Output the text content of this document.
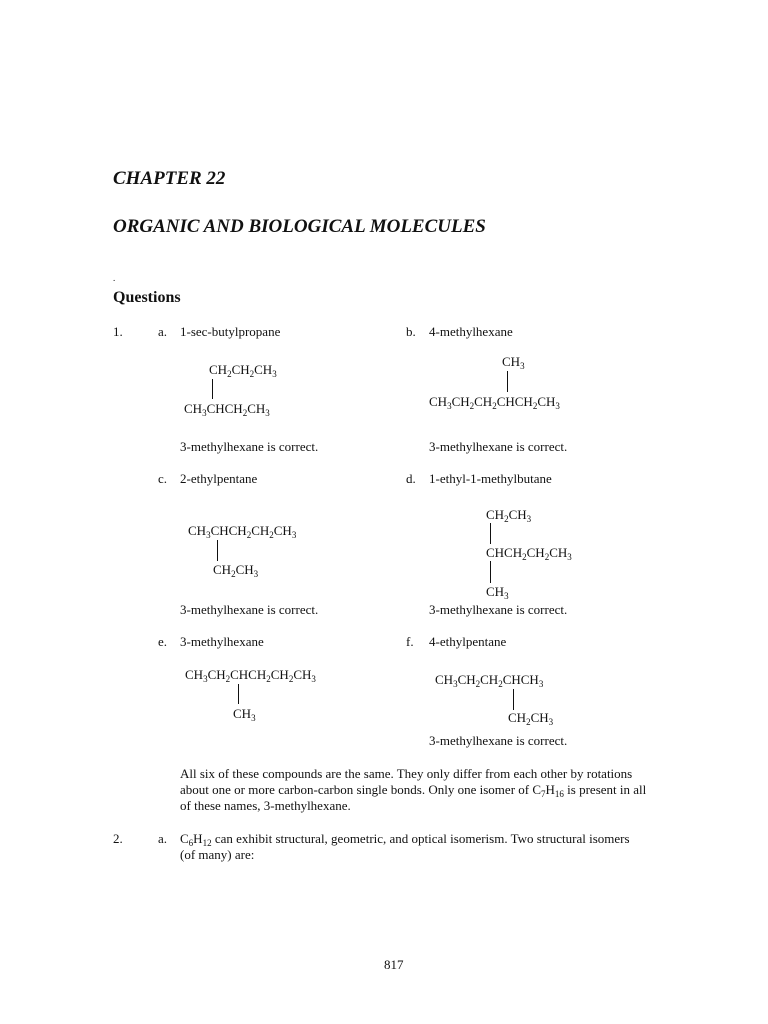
CHAPTER 22
ORGANIC AND BIOLOGICAL MOLECULES
.
Questions
1.	a. 1-sec-butylpropane
$CH_2CH_2CH_3$
$CH_3CHCH_2CH_3$
3-methylhexane is correct.
b. 4-methylhexane
$CH_3$
$CH_3CH_2CH_2CHCH_2CH_3$
3-methylhexane is correct.
c. 2-ethylpentane
$CH_3CHCH_2CH_2CH_3$
$CH_2CH_3$
3-methylhexane is correct.
d. 1-ethyl-1-methylbutane
$CH_2CH_3$
$CHCH_2CH_2CH_3$
$CH_3$
3-methylhexane is correct.
e. 3-methylhexane
$CH_3CH_2CHCH_2CH_2CH_3$
$CH_3$
f. 4-ethylpentane
$CH_3CH_2CH_2CHCH_3$
$CH_2CH_3$
3-methylhexane is correct.
All six of these compounds are the same. They only differ from each other by rotations
about one or more carbon-carbon single bonds. Only one isomer of $C_7H_{16}$ is present in all
of these names, 3-methylhexane.
2.	a. $C_6H_{12}$ can exhibit structural, geometric, and optical isomerism. Two structural isomers
(of many) are:
817
